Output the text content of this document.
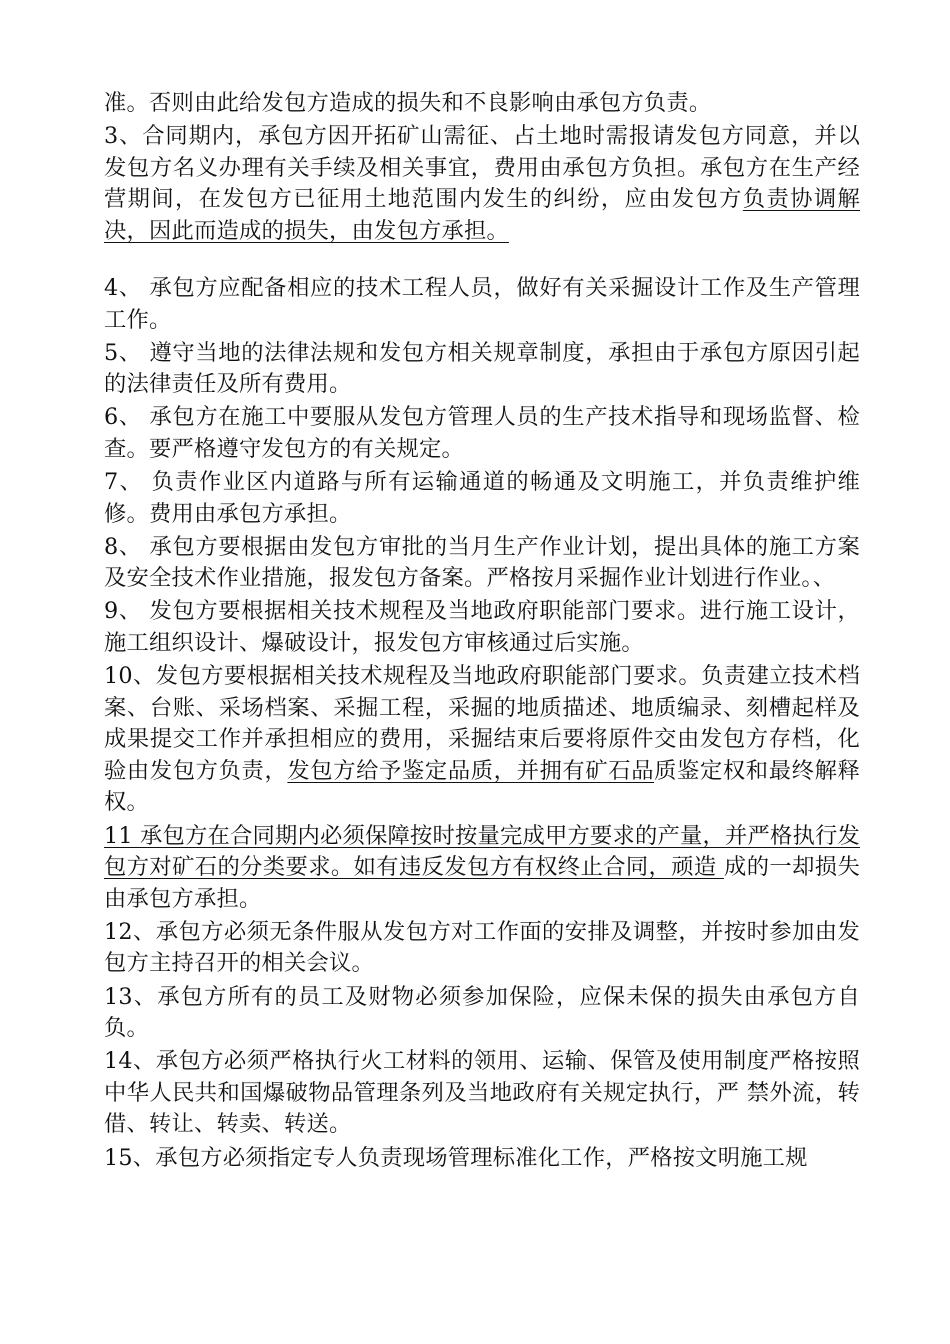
准。否则由此给发包方造成的损失和不良影响由承包方负责。

3、合同期内，承包方因开拓矿山需征、占土地时需报请发包方同意，并以发包方名义办理有关手续及相关事宜，费用由承包方负担。承包方在生产经营期间，在发包方已征用土地范围内发生的纠纷，应由发包方负责协调解决，因此而造成的损失，由发包方承担。

4、 承包方应配备相应的技术工程人员，做好有关采掘设计工作及生产管理工作。

5、 遵守当地的法律法规和发包方相关规章制度，承担由于承包方原因引起的法律责任及所有费用。

6、 承包方在施工中要服从发包方管理人员的生产技术指导和现场监督、检查。要严格遵守发包方的有关规定。

7、 负责作业区内道路与所有运输通道的畅通及文明施工，并负责维护维修。费用由承包方承担。

8、 承包方要根据由发包方审批的当月生产作业计划，提出具体的施工方案及安全技术作业措施，报发包方备案。严格按月采掘作业计划进行作业。、

9、 发包方要根据相关技术规程及当地政府职能部门要求。进行施工设计，施工组织设计、爆破设计，报发包方审核通过后实施。

10、发包方要根据相关技术规程及当地政府职能部门要求。负责建立技术档案、台账、采场档案、采掘工程，采掘的地质描述、地质编录、刻槽起样及成果提交工作并承担相应的费用，采掘结束后要将原件交由发包方存档，化验由发包方负责，发包方给予鉴定品质，并拥有矿石品质鉴定权和最终解释权。

11 承包方在合同期内必须保障按时按量完成甲方要求的产量，并严格执行发包方对矿石的分类要求。如有违反发包方有权终止合同，顽造 成的一却损失由承包方承担。

12、承包方必须无条件服从发包方对工作面的安排及调整，并按时参加由发包方主持召开的相关会议。

13、承包方所有的员工及财物必须参加保险，应保未保的损失由承包方自负。

14、承包方必须严格执行火工材料的领用、运输、保管及使用制度严格按照中华人民共和国爆破物品管理条列及当地政府有关规定执行，严 禁外流，转借、转让、转卖、转送。

15、承包方必须指定专人负责现场管理标准化工作，严格按文明施工规
